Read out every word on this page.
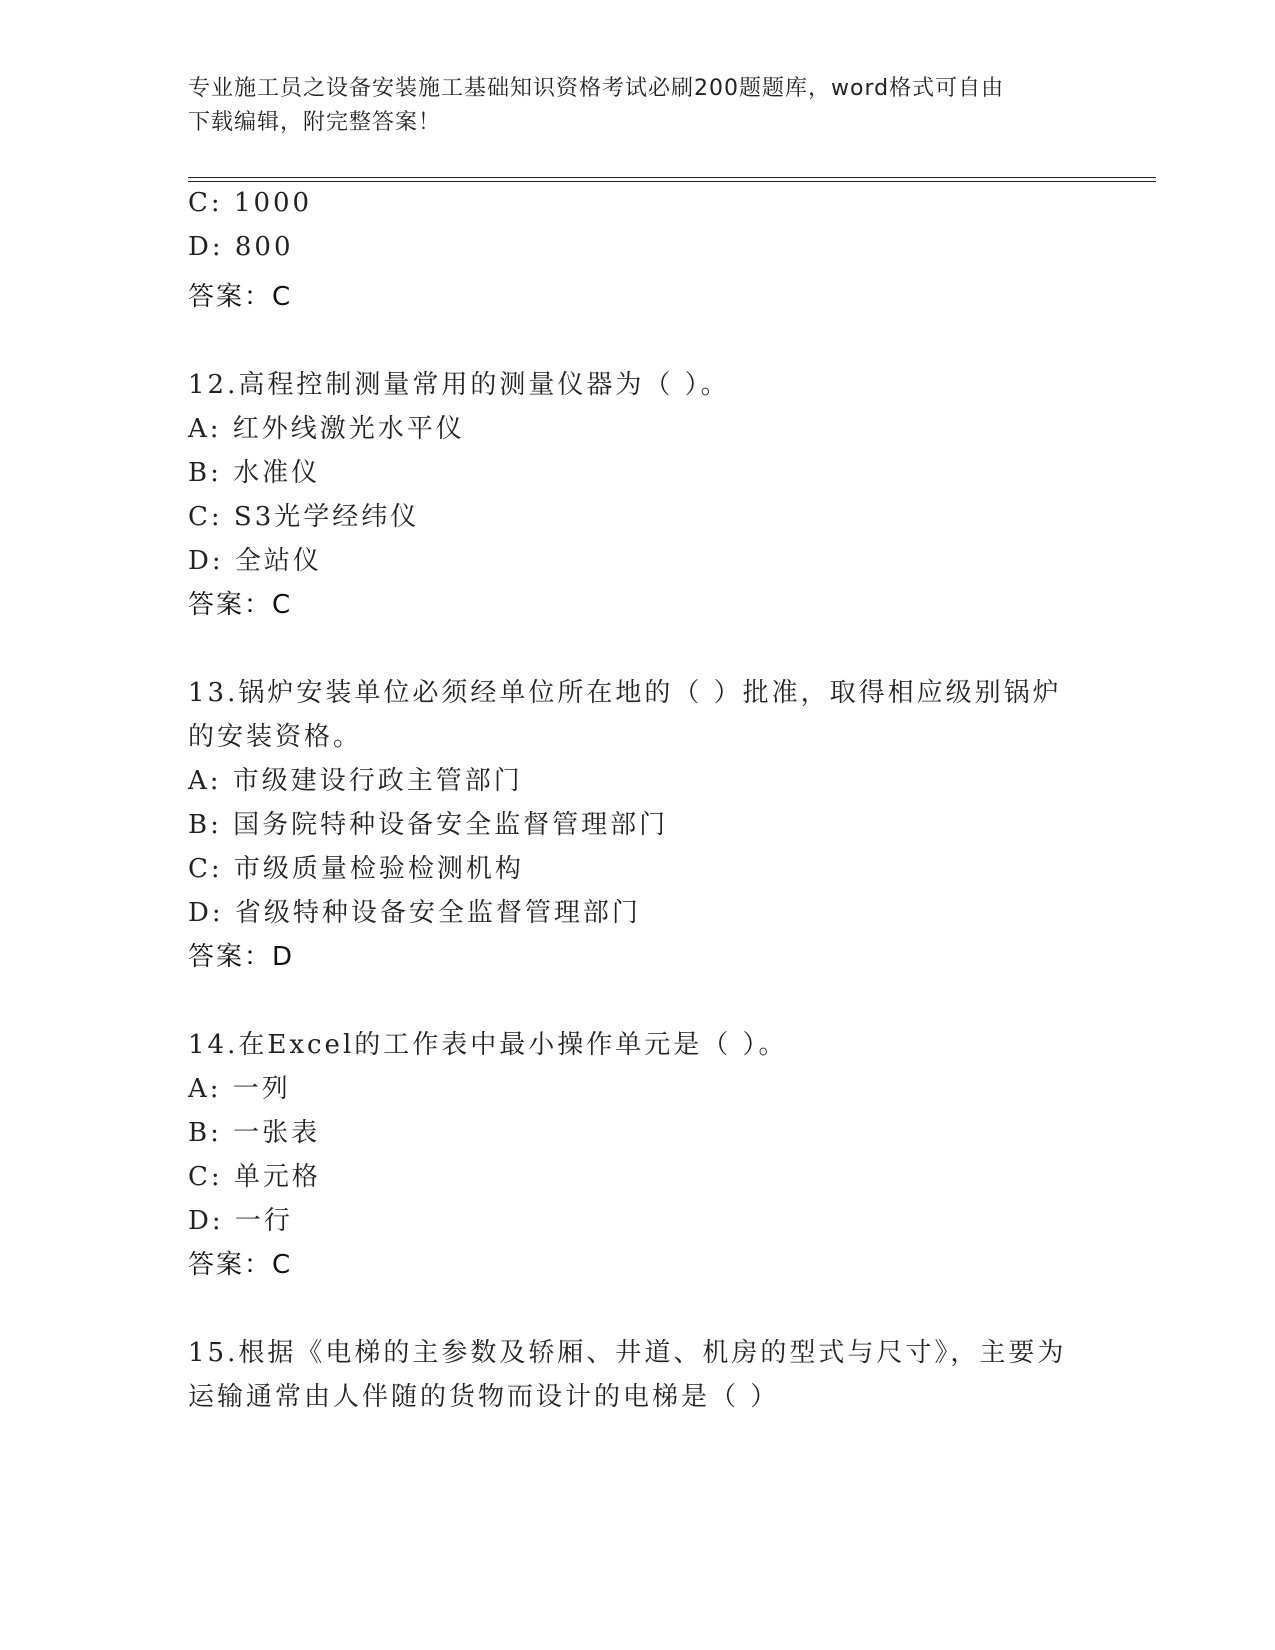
专业施工员之设备安装施工基础知识资格考试必刷200题题库，word格式可自由
下载编辑，附完整答案！
C: 1000
D: 800
答案：C
12.高程控制测量常用的测量仪器为（ ）。
A: 红外线激光水平仪
B: 水准仪
C: S3光学经纬仪
D: 全站仪
答案：C
13.锅炉安装单位必须经单位所在地的（ ）批准，取得相应级别锅炉
的安装资格。
A: 市级建设行政主管部门
B: 国务院特种设备安全监督管理部门
C: 市级质量检验检测机构
D: 省级特种设备安全监督管理部门
答案：D
14.在Excel的工作表中最小操作单元是（ ）。
A: 一列
B: 一张表
C: 单元格
D: 一行
答案：C
15.根据《电梯的主参数及轿厢、井道、机房的型式与尺寸》，主要为
运输通常由人伴随的货物而设计的电梯是（ ）
